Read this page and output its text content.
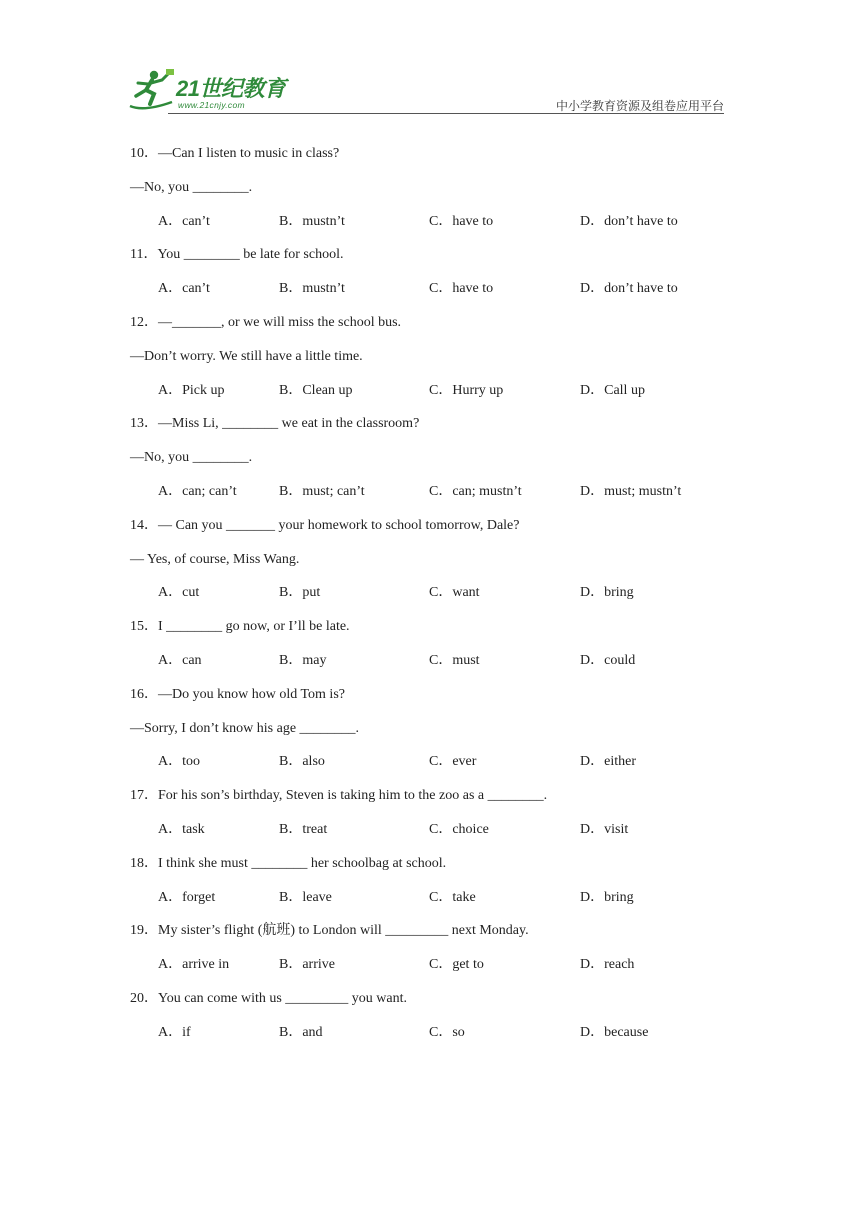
21世纪教育
www.21cnjy.com	中小学教育资源及组卷应用平台
10．—Can I listen to music in class?
—No, you ________.
A．can’t	B．mustn’t	C．have to	D．don’t have to
11．You ________ be late for school.
A．can’t	B．mustn’t	C．have to	D．don’t have to
12．—_______, or we will miss the school bus.
—Don’t worry. We still have a little time.
A．Pick up	B．Clean up	C．Hurry up	D．Call up
13．—Miss Li, ________ we eat in the classroom?
—No, you ________.
A．can; can’t	B．must; can’t	C．can; mustn’t	D．must; mustn’t
14．— Can you _______ your homework to school tomorrow, Dale?
— Yes, of course, Miss Wang.
A．cut	B．put	C．want	D．bring
15．I ________ go now, or I’ll be late.
A．can	B．may	C．must	D．could
16．—Do you know how old Tom is?
—Sorry, I don’t know his age ________.
A．too	B．also	C．ever	D．either
17．For his son’s birthday, Steven is taking him to the zoo as a ________.
A．task	B．treat	C．choice	D．visit
18．I think she must ________ her schoolbag at school.
A．forget	B．leave	C．take	D．bring
19．My sister’s flight (航班) to London will _________ next Monday.
A．arrive in	B．arrive	C．get to	D．reach
20．You can come with us _________ you want.
A．if	B．and	C．so	D．because
